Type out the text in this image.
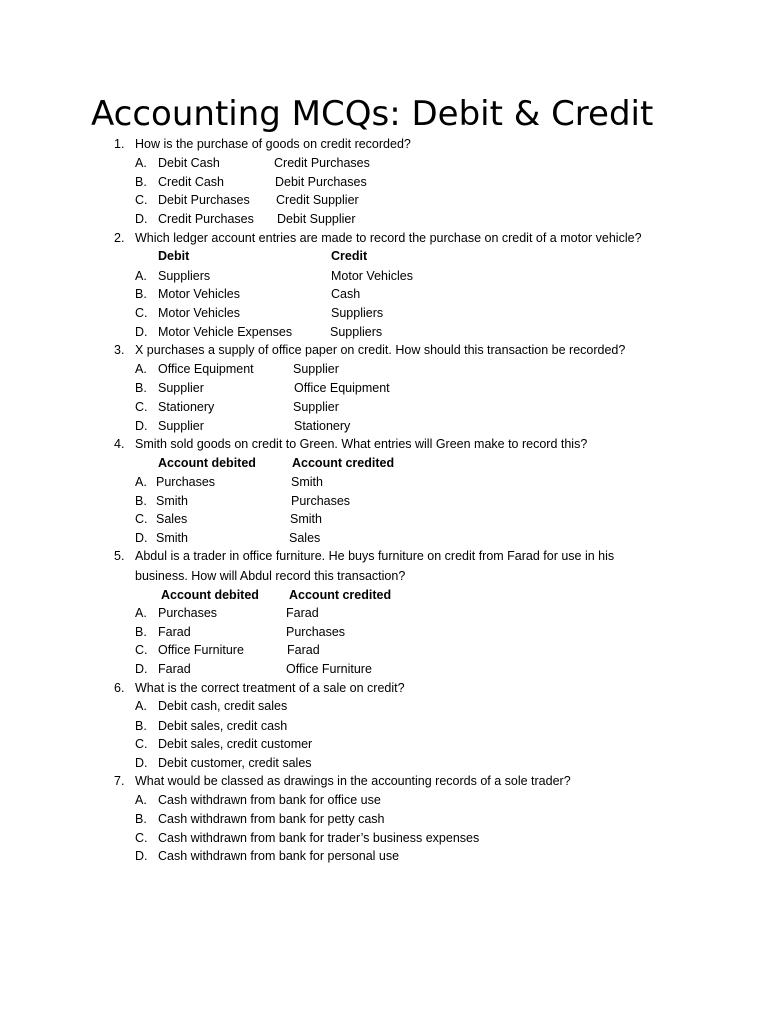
Accounting MCQs: Debit & Credit
1. How is the purchase of goods on credit recorded?
A. Debit Cash	Credit Purchases
B. Credit Cash	Debit Purchases
C. Debit Purchases Credit Supplier
D. Credit Purchases Debit Supplier
2. Which ledger account entries are made to record the purchase on credit of a motor vehicle?
Debit	Credit
A. Suppliers	Motor Vehicles
B. Motor Vehicles	Cash
C. Motor Vehicles	Suppliers
D. Motor Vehicle Expenses	Suppliers
3. X purchases a supply of office paper on credit. How should this transaction be recorded?
A. Office Equipment	Supplier
B. Supplier	Office Equipment
C. Stationery	Supplier
D. Supplier	Stationery
4. Smith sold goods on credit to Green. What entries will Green make to record this?
Account debited	Account credited
A. Purchases	Smith
B. Smith	Purchases
C. Sales	Smith
D. Smith	Sales
5. Abdul is a trader in office furniture. He buys furniture on credit from Farad for use in his
business. How will Abdul record this transaction?
Account debited Account credited
A. Purchases	Farad
B. Farad	Purchases
C. Office Furniture	Farad
D. Farad	Office Furniture
6. What is the correct treatment of a sale on credit?
A. Debit cash, credit sales
B. Debit sales, credit cash
C. Debit sales, credit customer
D. Debit customer, credit sales
7. What would be classed as drawings in the accounting records of a sole trader?
A. Cash withdrawn from bank for office use
B. Cash withdrawn from bank for petty cash
C. Cash withdrawn from bank for trader’s business expenses
D. Cash withdrawn from bank for personal use
